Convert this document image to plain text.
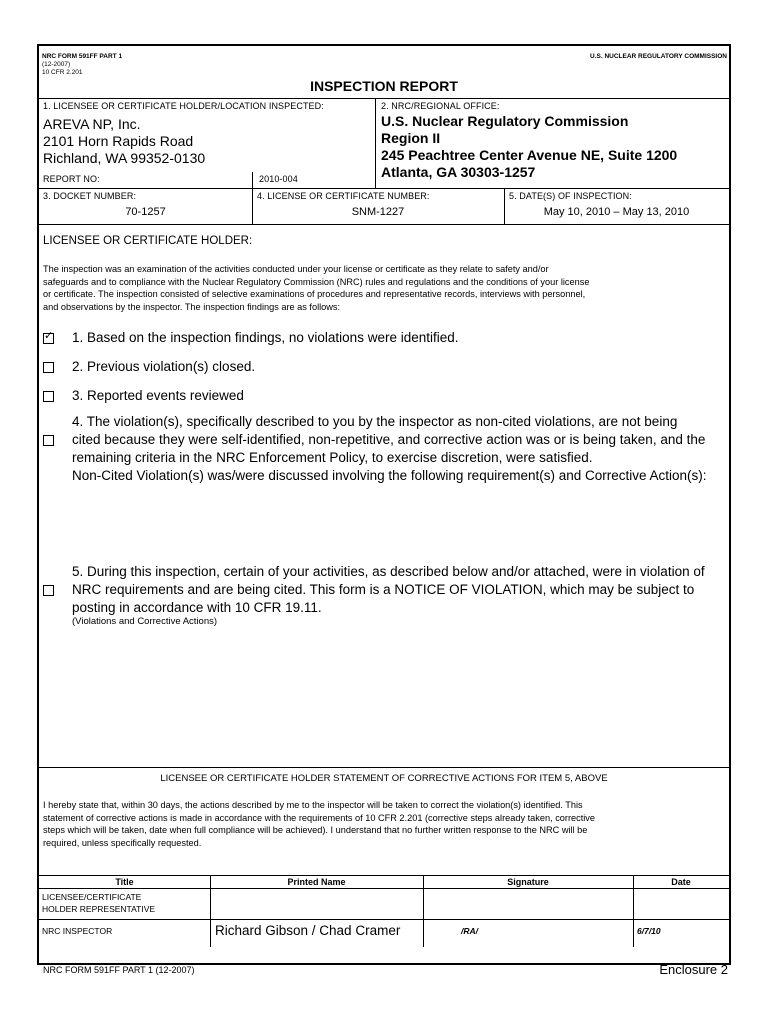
NRC FORM 591FF PART 1
(12-2007)
10 CFR 2.201
U.S. NUCLEAR REGULATORY COMMISSION
INSPECTION REPORT
1. LICENSEE OR CERTIFICATE HOLDER/LOCATION INSPECTED:
AREVA NP, Inc.
2101 Horn Rapids Road
Richland, WA 99352-0130
REPORT NO:	2010-004
2. NRC/REGIONAL OFFICE:
U.S. Nuclear Regulatory Commission
Region II
245 Peachtree Center Avenue NE, Suite 1200
Atlanta, GA 30303-1257
3. DOCKET NUMBER:
70-1257
4. LICENSE OR CERTIFICATE NUMBER:
SNM-1227
5. DATE(S) OF INSPECTION:
May 10, 2010 – May 13, 2010
LICENSEE OR CERTIFICATE HOLDER:
The inspection was an examination of the activities conducted under your license or certificate as they relate to safety and/or
safeguards and to compliance with the Nuclear Regulatory Commission (NRC) rules and regulations and the conditions of your license
or certificate. The inspection consisted of selective examinations of procedures and representative records, interviews with personnel,
and observations by the inspector. The inspection findings are as follows:
✓ 1. Based on the inspection findings, no violations were identified.
2. Previous violation(s) closed.
3. Reported events reviewed
4. The violation(s), specifically described to you by the inspector as non-cited violations, are not being
cited because they were self-identified, non-repetitive, and corrective action was or is being taken, and the
remaining criteria in the NRC Enforcement Policy, to exercise discretion, were satisfied.
Non-Cited Violation(s) was/were discussed involving the following requirement(s) and Corrective Action(s):
5. During this inspection, certain of your activities, as described below and/or attached, were in violation of
NRC requirements and are being cited. This form is a NOTICE OF VIOLATION, which may be subject to
posting in accordance with 10 CFR 19.11.
(Violations and Corrective Actions)
LICENSEE OR CERTIFICATE HOLDER STATEMENT OF CORRECTIVE ACTIONS FOR ITEM 5, ABOVE
I hereby state that, within 30 days, the actions described by me to the inspector will be taken to correct the violation(s) identified. This
statement of corrective actions is made in accordance with the requirements of 10 CFR 2.201 (corrective steps already taken, corrective
steps which will be taken, date when full compliance will be achieved). I understand that no further written response to the NRC will be
required, unless specifically requested.
Title	Printed Name	Signature	Date
LICENSEE/CERTIFICATE
HOLDER REPRESENTATIVE
NRC INSPECTOR	Richard Gibson / Chad Cramer	/RA/	6/7/10
NRC FORM 591FF PART 1 (12-2007)	Enclosure 2
